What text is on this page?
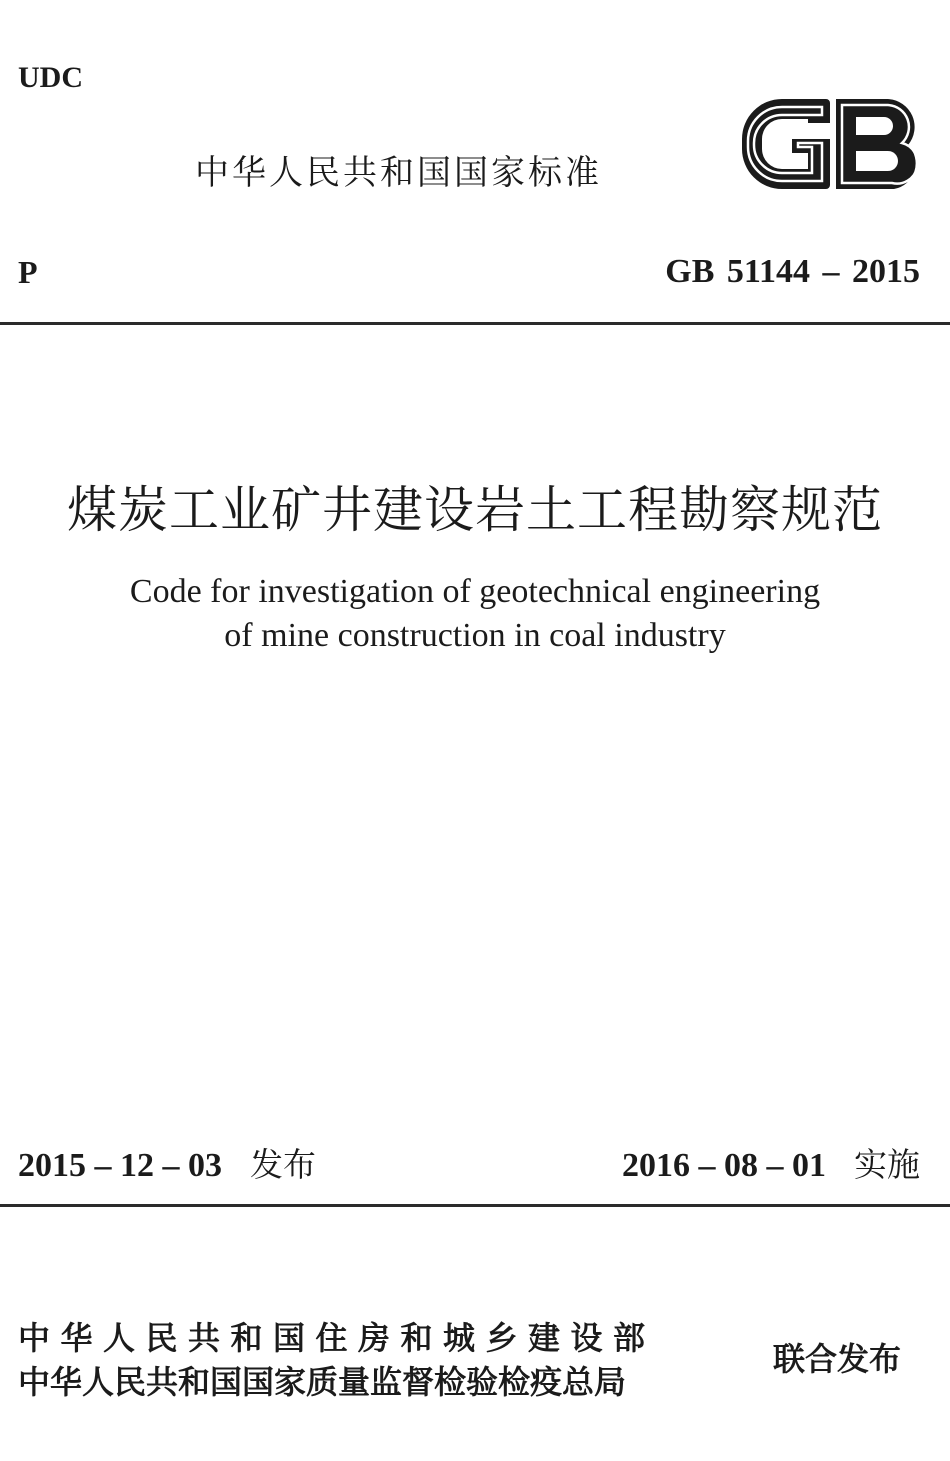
UDC
中华人民共和国国家标准
P	GB 51144 – 2015
煤炭工业矿井建设岩土工程勘察规范
Code for investigation of geotechnical engineering
of mine construction in coal industry
2015 – 12 – 03 发布	2016 – 08 – 01 实施
中华人民共和国住房和城乡建设部
中华人民共和国国家质量监督检验检疫总局
联合发布
